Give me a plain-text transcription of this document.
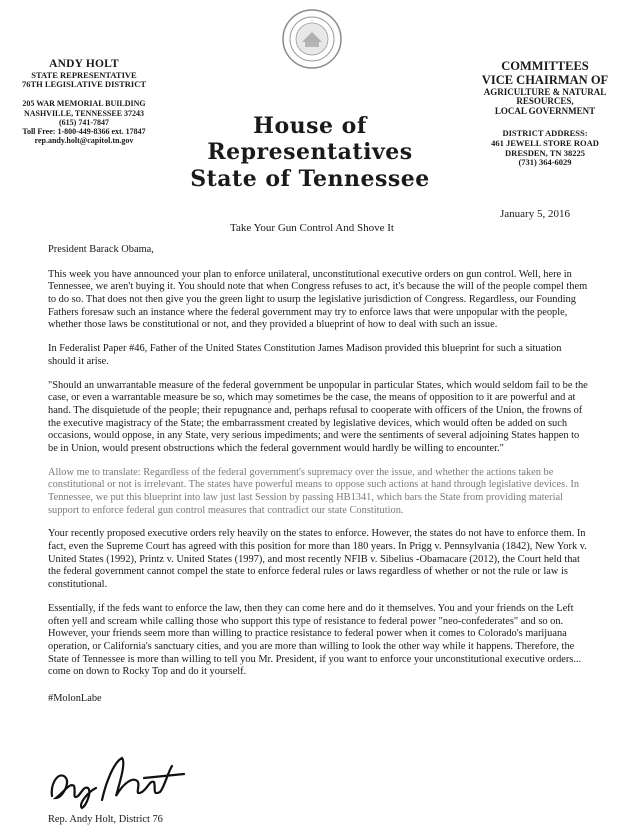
ANDY HOLT
STATE REPRESENTATIVE
76TH LEGISLATIVE DISTRICT
205 WAR MEMORIAL BUILDING
NASHVILLE, TENNESSEE 37243
(615) 741-7847
Toll Free: 1-800-449-8366 ext. 17847
rep.andy.holt@capitol.tn.gov
COMMITTEES
VICE CHAIRMAN OF
AGRICULTURE & NATURAL
RESOURCES,
LOCAL GOVERNMENT
DISTRICT ADDRESS:
461 JEWELL STORE ROAD
DRESDEN, TN 38225
(731) 364-6029
House of Representatives
State of Tennessee
January 5, 2016
Take Your Gun Control And Shove It

President Barack Obama,

This week you have announced your plan to enforce unilateral, unconstitutional executive orders on gun control. Well, here in Tennessee, we aren't buying it. You should note that when Congress refuses to act, it's because the will of the people compel them to do so. That does not then give you the green light to usurp the legislative jurisdiction of Congress. Regardless, our Founding Fathers foresaw such an instance where the federal government may try to enforce laws that were unpopular with the people, whether those laws be constitutional or not, and they provided a blueprint of how to deal with such an issue.

In Federalist Paper #46, Father of the United States Constitution James Madison provided this blueprint for such a situation should it arise.

"Should an unwarrantable measure of the federal government be unpopular in particular States, which would seldom fail to be the case, or even a warrantable measure be so, which may sometimes be the case, the means of opposition to it are powerful and at hand. The disquietude of the people; their repugnance and, perhaps refusal to cooperate with officers of the Union, the frowns of the executive magistracy of the State; the embarrassment created by legislative devices, which would often be added on such occasions, would oppose, in any State, very serious impediments; and were the sentiments of several adjoining States happen to be in Union, would present obstructions which the federal government would hardly be willing to encounter."

Allow me to translate: Regardless of the federal government's supremacy over the issue, and whether the actions taken be constitutional or not is irrelevant. The states have powerful means to oppose such actions at hand through legislative devices. In Tennessee, we put this blueprint into law just last Session by passing HB1341, which bars the State from providing material support to enforce federal gun control measures that contradict our state Constitution.

Your recently proposed executive orders rely heavily on the states to enforce. However, the states do not have to enforce them. In fact, even the Supreme Court has agreed with this position for more than 180 years. In Prigg v. Pennsylvania (1842), New York v. United States (1992), Printz v. United States (1997), and most recently NFIB v. Sibelius -Obamacare (2012), the Court held that the federal government cannot compel the state to enforce federal rules or laws regardless of whether or not the rule or law is constitutional.

Essentially, if the feds want to enforce the law, then they can come here and do it themselves. You and your friends on the Left often yell and scream while calling those who support this type of resistance to federal power "neo-confederates" and so on. However, your friends seem more than willing to practice resistance to federal power when it comes to Colorado's marijuana operation, or California's sanctuary cities, and you are more than willing to look the other way while it happens. Therefore, the State of Tennessee is more than willing to tell you Mr. President, if you want to enforce your unconstitutional executive orders... come on down to Rocky Top and do it yourself.

#MolonLabe

Rep. Andy Holt, District 76
